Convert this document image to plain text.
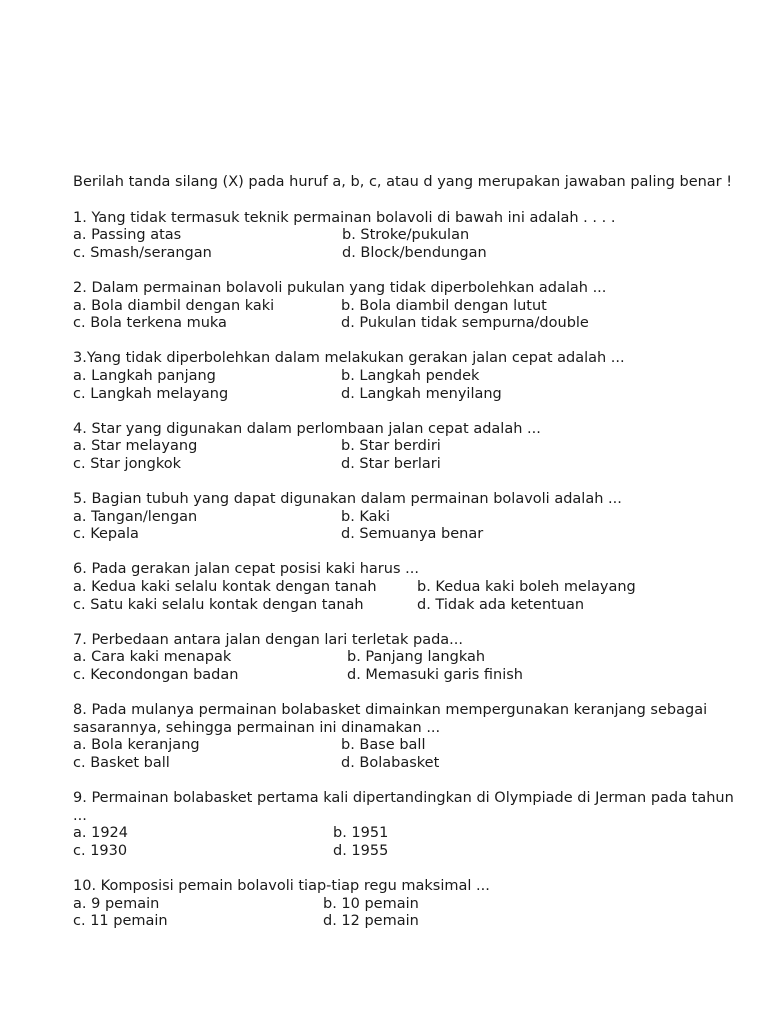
Berilah tanda silang (X) pada huruf a, b, c, atau d yang merupakan jawaban paling benar !

1. Yang tidak termasuk teknik permainan bolavoli di bawah ini adalah . . . .

a. Passing atas	b. Stroke/pukulan
c. Smash/serangan	d. Block/bendungan

2. Dalam permainan bolavoli pukulan yang tidak diperbolehkan adalah ...

a. Bola diambil dengan kaki	b. Bola diambil dengan lutut
c. Bola terkena muka	d. Pukulan tidak sempurna/double

3.Yang tidak diperbolehkan dalam melakukan gerakan jalan cepat adalah ...

a. Langkah panjang	b. Langkah pendek
c. Langkah melayang	d. Langkah menyilang

4. Star yang digunakan dalam perlombaan jalan cepat adalah ...

a. Star melayang	b. Star berdiri
c. Star jongkok	d. Star berlari

5. Bagian tubuh yang dapat digunakan dalam permainan bolavoli adalah ...

a. Tangan/lengan	b. Kaki
c. Kepala	d. Semuanya benar

6. Pada gerakan jalan cepat posisi kaki harus ...

a. Kedua kaki selalu kontak dengan tanah	b. Kedua kaki boleh melayang
c. Satu kaki selalu kontak dengan tanah	d. Tidak ada ketentuan

7. Perbedaan antara jalan dengan lari terletak pada...

a. Cara kaki menapak	b. Panjang langkah
c. Kecondongan badan	d. Memasuki garis finish

8. Pada mulanya permainan bolabasket dimainkan mempergunakan keranjang sebagai sasarannya, sehingga permainan ini dinamakan ...

a. Bola keranjang	b. Base ball
c. Basket ball	d. Bolabasket

9. Permainan bolabasket pertama kali dipertandingkan di Olympiade di Jerman pada tahun ...

a. 1924	b. 1951
c. 1930	d. 1955

10. Komposisi pemain bolavoli tiap-tiap regu maksimal ...

a. 9 pemain	b. 10 pemain
c. 11 pemain	d. 12 pemain
